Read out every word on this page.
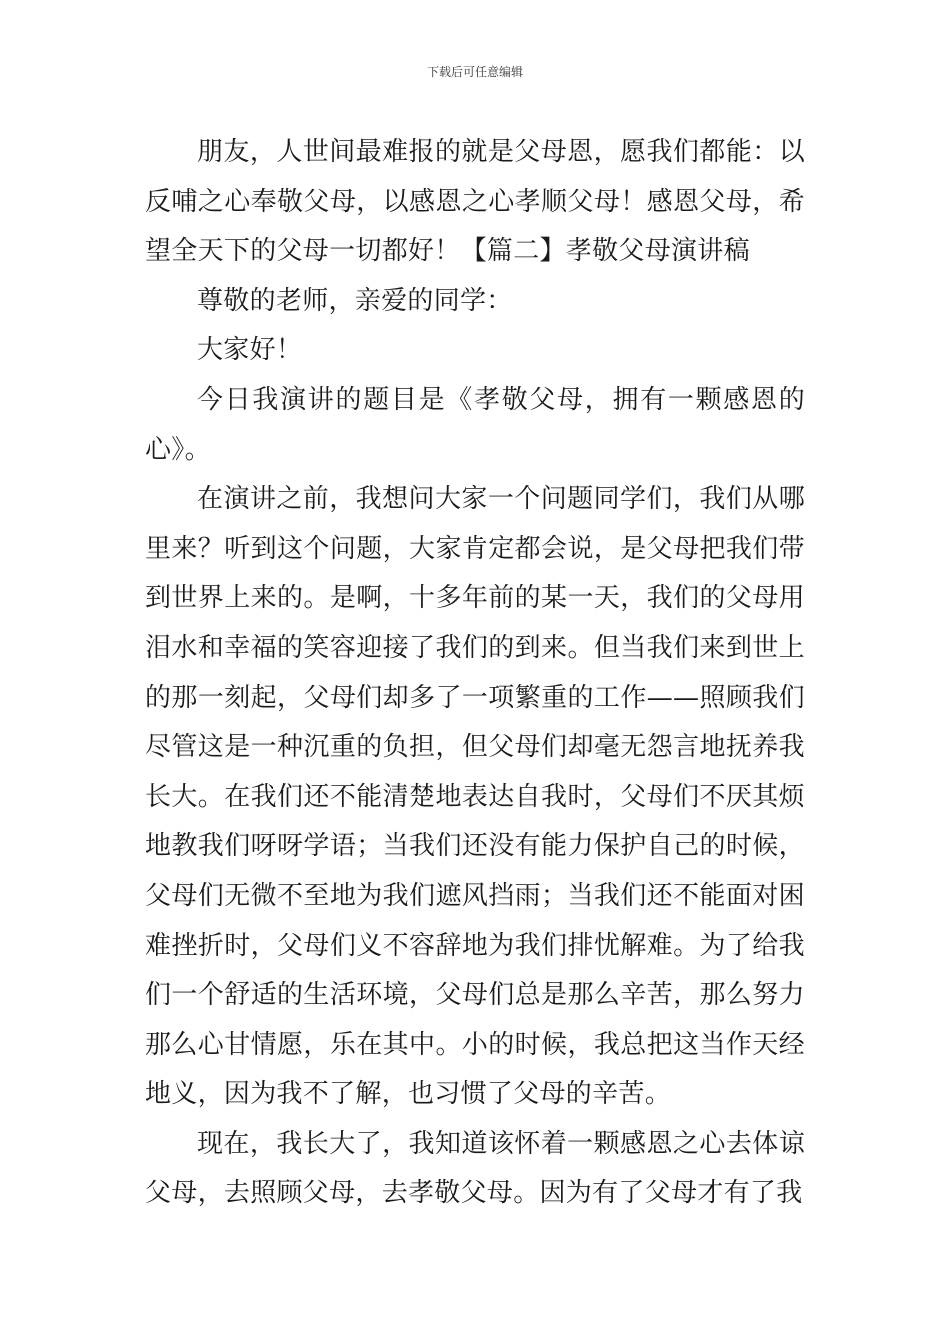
下载后可任意编辑

朋友，人世间最难报的就是父母恩，愿我们都能：以反哺之心奉敬父母，以感恩之心孝顺父母！感恩父母，希望全天下的父母一切都好！【篇二】孝敬父母演讲稿

尊敬的老师，亲爱的同学：

大家好！

今日我演讲的题目是《孝敬父母，拥有一颗感恩的心》。

在演讲之前，我想问大家一个问题同学们，我们从哪里来？听到这个问题，大家肯定都会说，是父母把我们带到世界上来的。是啊，十多年前的某一天，我们的父母用泪水和幸福的笑容迎接了我们的到来。但当我们来到世上的那一刻起，父母们却多了一项繁重的工作——照顾我们尽管这是一种沉重的负担，但父母们却毫无怨言地抚养我长大。在我们还不能清楚地表达自我时，父母们不厌其烦地教我们呀呀学语；当我们还没有能力保护自己的时候，父母们无微不至地为我们遮风挡雨；当我们还不能面对困难挫折时，父母们义不容辞地为我们排忧解难。为了给我们一个舒适的生活环境，父母们总是那么辛苦，那么努力那么心甘情愿，乐在其中。小的时候，我总把这当作天经地义，因为我不了解，也习惯了父母的辛苦。

现在，我长大了，我知道该怀着一颗感恩之心去体谅父母，去照顾父母，去孝敬父母。因为有了父母才有了我
